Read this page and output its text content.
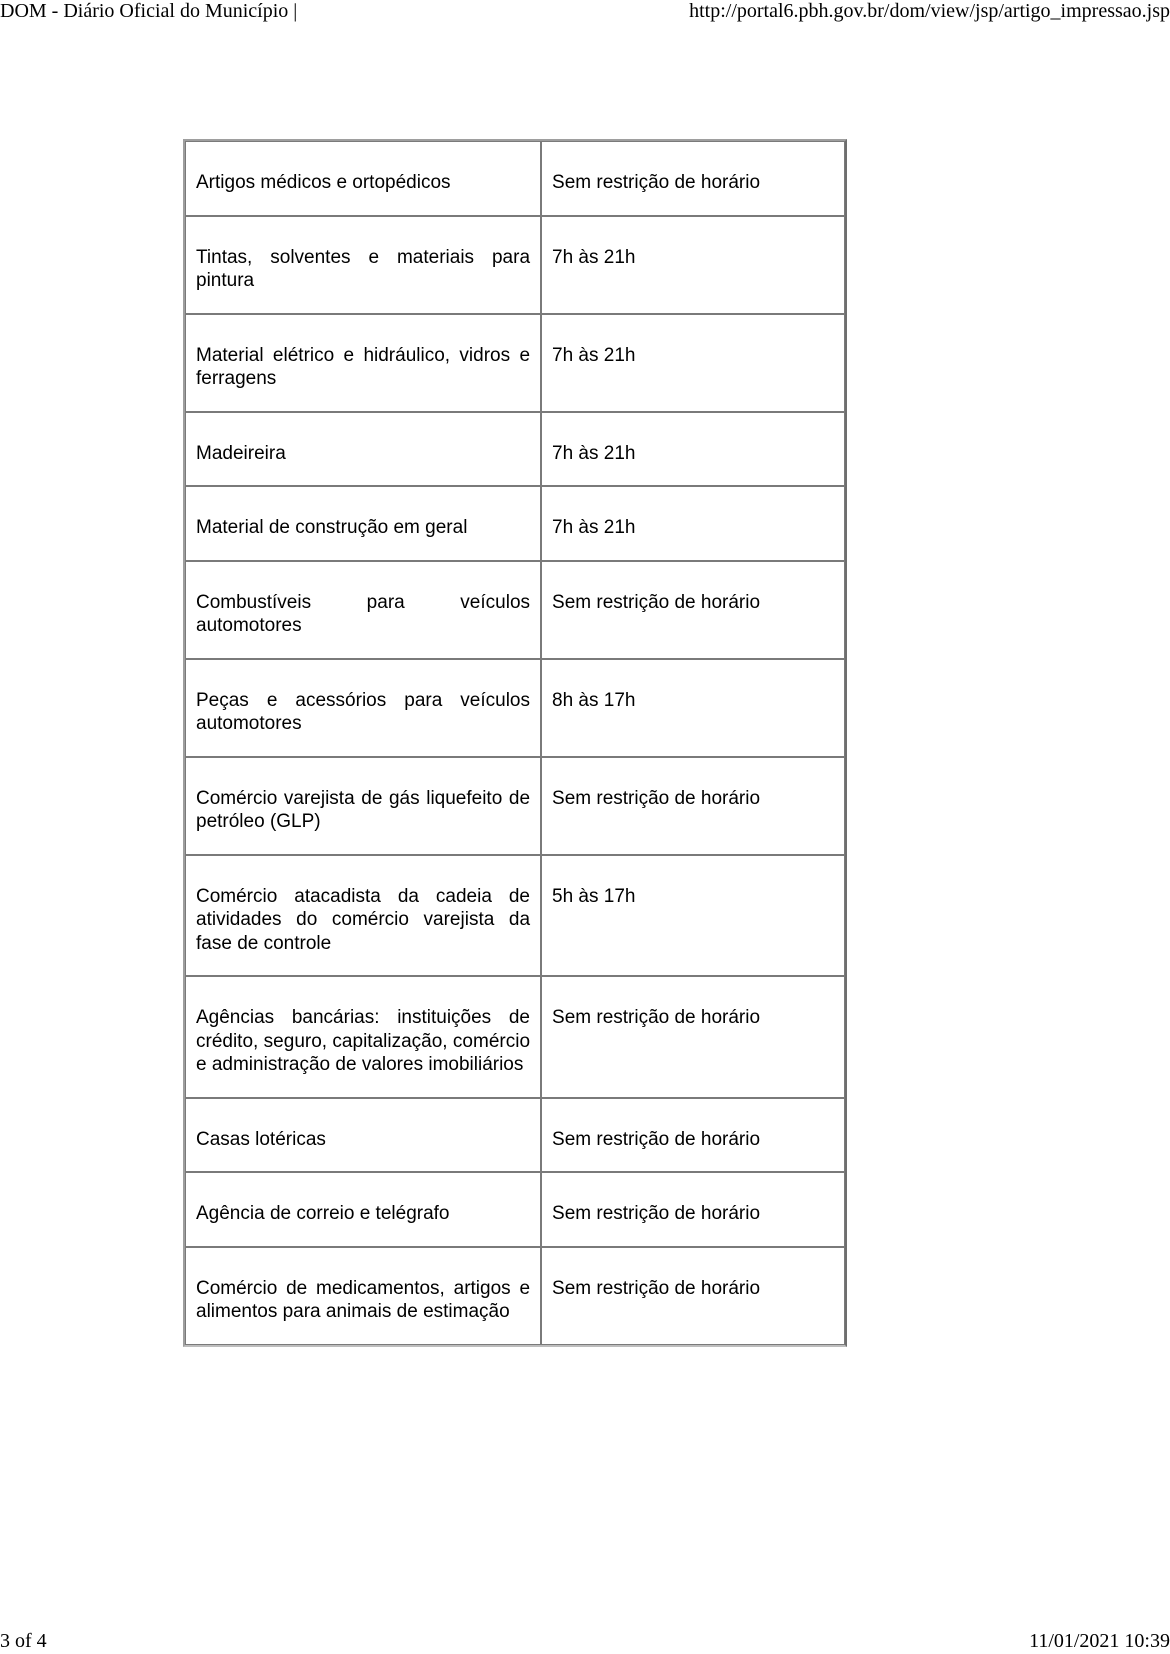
DOM - Diário Oficial do Município |	http://portal6.pbh.gov.br/dom/view/jsp/artigo_impressao.jsp
Artigos médicos e ortopédicos	Sem restrição de horário
Tintas, solventes e materiais para pintura	7h às 21h
Material elétrico e hidráulico, vidros e ferragens	7h às 21h
Madeireira	7h às 21h
Material de construção em geral	7h às 21h
Combustíveis para veículos automotores	Sem restrição de horário
Peças e acessórios para veículos automotores	8h às 17h
Comércio varejista de gás liquefeito de petróleo (GLP)	Sem restrição de horário
Comércio atacadista da cadeia de atividades do comércio varejista da fase de controle	5h às 17h
Agências bancárias: instituições de crédito, seguro, capitalização, comércio e administração de valores imobiliários	Sem restrição de horário
Casas lotéricas	Sem restrição de horário
Agência de correio e telégrafo	Sem restrição de horário
Comércio de medicamentos, artigos e alimentos para animais de estimação	Sem restrição de horário
3 of 4	11/01/2021 10:39
